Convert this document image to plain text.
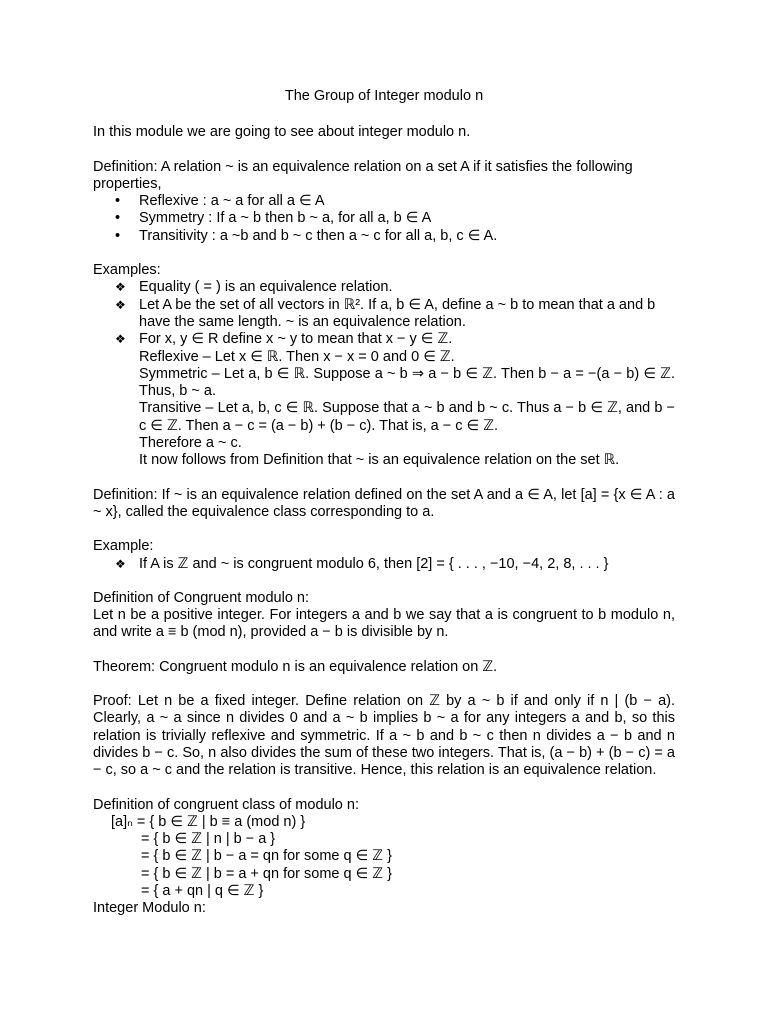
The Group of Integer modulo n

In this module we are going to see about integer modulo n.

Definition: A relation ~ is an equivalence relation on a set A if it satisfies the following properties,

• Reflexive : a ~ a for all a ∈ A
• Symmetry : If a ~ b then b ~ a, for all a, b ∈ A
• Transitivity : a ~b and b ~ c then a ~ c for all a, b, c ∈ A.

Examples:

❖ Equality ( = ) is an equivalence relation.
❖ Let A be the set of all vectors in ℝ². If a, b ∈ A, define a ~ b to mean that a and b have the same length. ~ is an equivalence relation.
❖ For x, y ∈ R define x ~ y to mean that x − y ∈ ℤ.

Reflexive – Let x ∈ ℝ. Then x − x = 0 and 0 ∈ ℤ.

Symmetric – Let a, b ∈ ℝ. Suppose a ~ b ⇒ a − b ∈ ℤ. Then b − a = −(a − b) ∈ ℤ. Thus, b ~ a.

Transitive – Let a, b, c ∈ ℝ. Suppose that a ~ b and b ~ c. Thus a − b ∈ ℤ, and b − c ∈ ℤ. Then a − c = (a − b) + (b − c). That is, a − c ∈ ℤ.

Therefore a ~ c.

It now follows from Definition that ~ is an equivalence relation on the set ℝ.

Definition: If ~ is an equivalence relation defined on the set A and a ∈ A, let [a] = {x ∈ A : a ~ x}, called the equivalence class corresponding to a.

Example:

❖ If A is ℤ and ~ is congruent modulo 6, then [2] = { . . . , −10, −4, 2, 8, . . . }

Definition of Congruent modulo n:

Let n be a positive integer. For integers a and b we say that a is congruent to b modulo n, and write a ≡ b (mod n), provided a − b is divisible by n.

Theorem: Congruent modulo n is an equivalence relation on ℤ.

Proof: Let n be a fixed integer. Define relation on ℤ by a ~ b if and only if n | (b − a). Clearly, a ~ a since n divides 0 and a ~ b implies b ~ a for any integers a and b, so this relation is trivially reflexive and symmetric. If a ~ b and b ~ c then n divides a − b and n divides b − c. So, n also divides the sum of these two integers. That is, (a − b) + (b − c) = a − c, so a ~ c and the relation is transitive. Hence, this relation is an equivalence relation.

Definition of congruent class of modulo n:

[a]ₙ = { b ∈ ℤ | b ≡ a (mod n) }

= { b ∈ ℤ | n | b − a }

= { b ∈ ℤ | b − a = qn for some q ∈ ℤ }

= { b ∈ ℤ | b = a + qn for some q ∈ ℤ }

= { a + qn | q ∈ ℤ }

Integer Modulo n:
